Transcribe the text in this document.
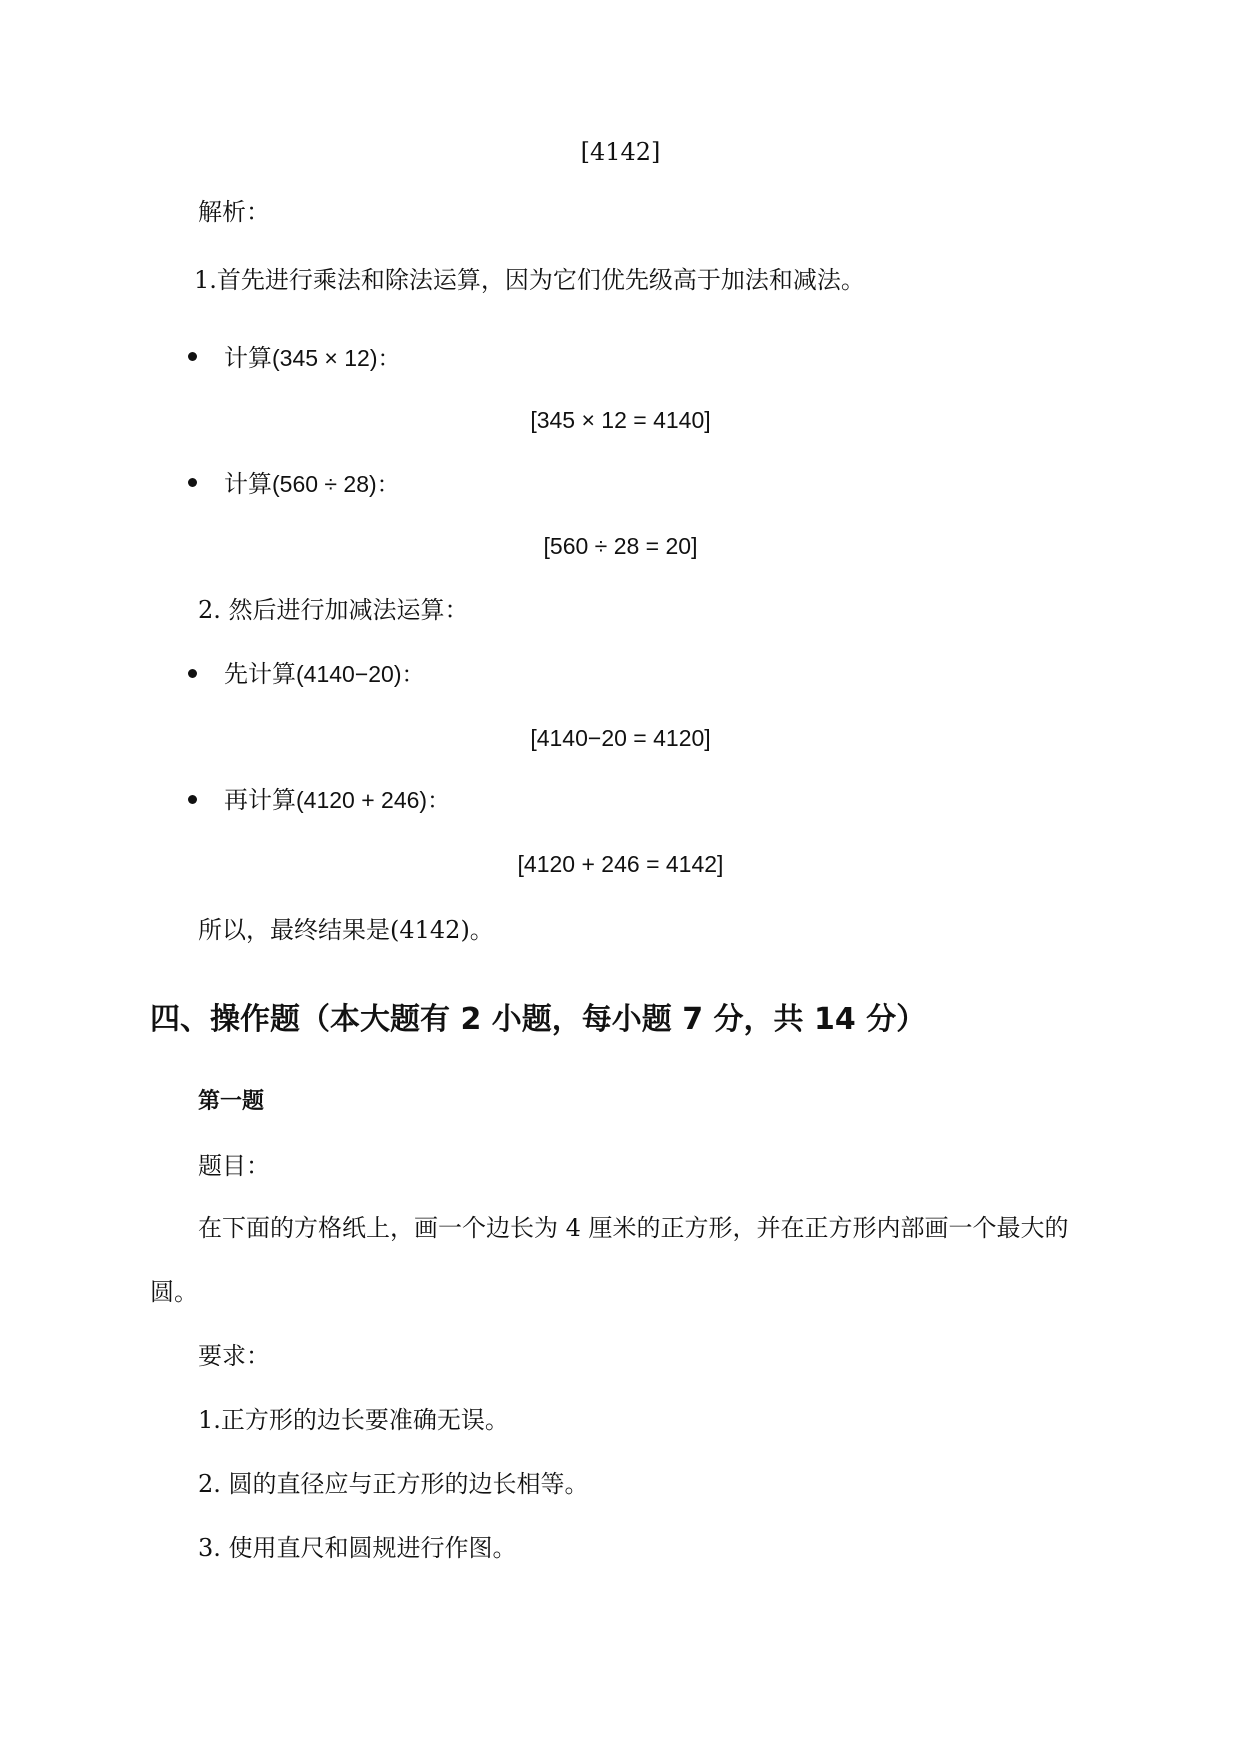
[4142]
解析：
1.首先进行乘法和除法运算，因为它们优先级高于加法和减法。
计算(345 × 12)：
[345 × 12 = 4140]
计算(560 ÷ 28)：
[560 ÷ 28 = 20]
2. 然后进行加减法运算：
先计算(4140−20)：
[4140−20 = 4120]
再计算(4120 + 246)：
[4120 + 246 = 4142]
所以，最终结果是(4142)。
四、操作题（本大题有 2 小题，每小题 7 分，共 14 分）
第一题
题目：
在下面的方格纸上，画一个边长为 4 厘米的正方形，并在正方形内部画一个最大的
圆。
要求：
1.正方形的边长要准确无误。
2. 圆的直径应与正方形的边长相等。
3. 使用直尺和圆规进行作图。
